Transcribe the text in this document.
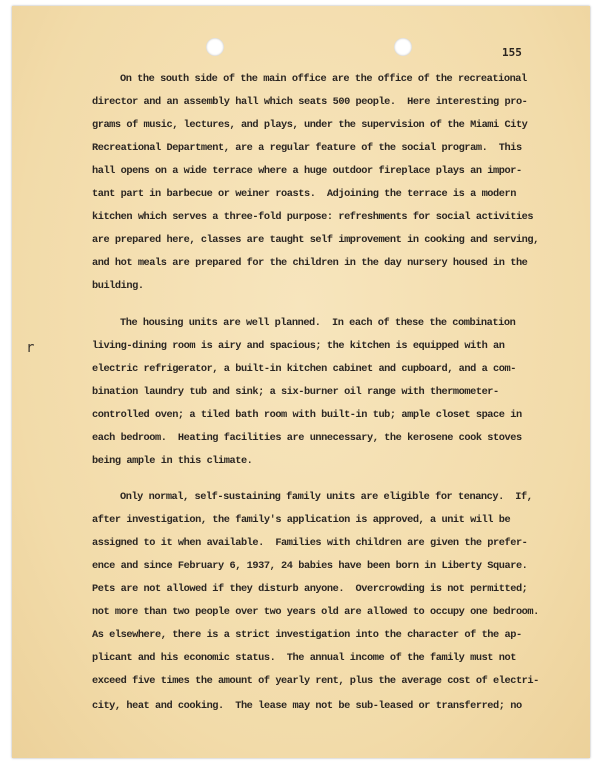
155
r

On the south side of the main office are the office of the recreational

director and an assembly hall which seats 500 people.  Here interesting pro-

grams of music, lectures, and plays, under the supervision of the Miami City

Recreational Department, are a regular feature of the social program.  This

hall opens on a wide terrace where a huge outdoor fireplace plays an impor-

tant part in barbecue or weiner roasts.  Adjoining the terrace is a modern

kitchen which serves a three-fold purpose: refreshments for social activities

are prepared here, classes are taught self improvement in cooking and serving,

and hot meals are prepared for the children in the day nursery housed in the

building.

The housing units are well planned.  In each of these the combination

living-dining room is airy and spacious; the kitchen is equipped with an

electric refrigerator, a built-in kitchen cabinet and cupboard, and a com-

bination laundry tub and sink; a six-burner oil range with thermometer-

controlled oven; a tiled bath room with built-in tub; ample closet space in

each bedroom.  Heating facilities are unnecessary, the kerosene cook stoves

being ample in this climate.

Only normal, self-sustaining family units are eligible for tenancy.  If,

after investigation, the family's application is approved, a unit will be

assigned to it when available.  Families with children are given the prefer-

ence and since February 6, 1937, 24 babies have been born in Liberty Square.

Pets are not allowed if they disturb anyone.  Overcrowding is not permitted;

not more than two people over two years old are allowed to occupy one bedroom.

As elsewhere, there is a strict investigation into the character of the ap-

plicant and his economic status.  The annual income of the family must not

exceed five times the amount of yearly rent, plus the average cost of electri-

city, heat and cooking.  The lease may not be sub-leased or transferred; no
